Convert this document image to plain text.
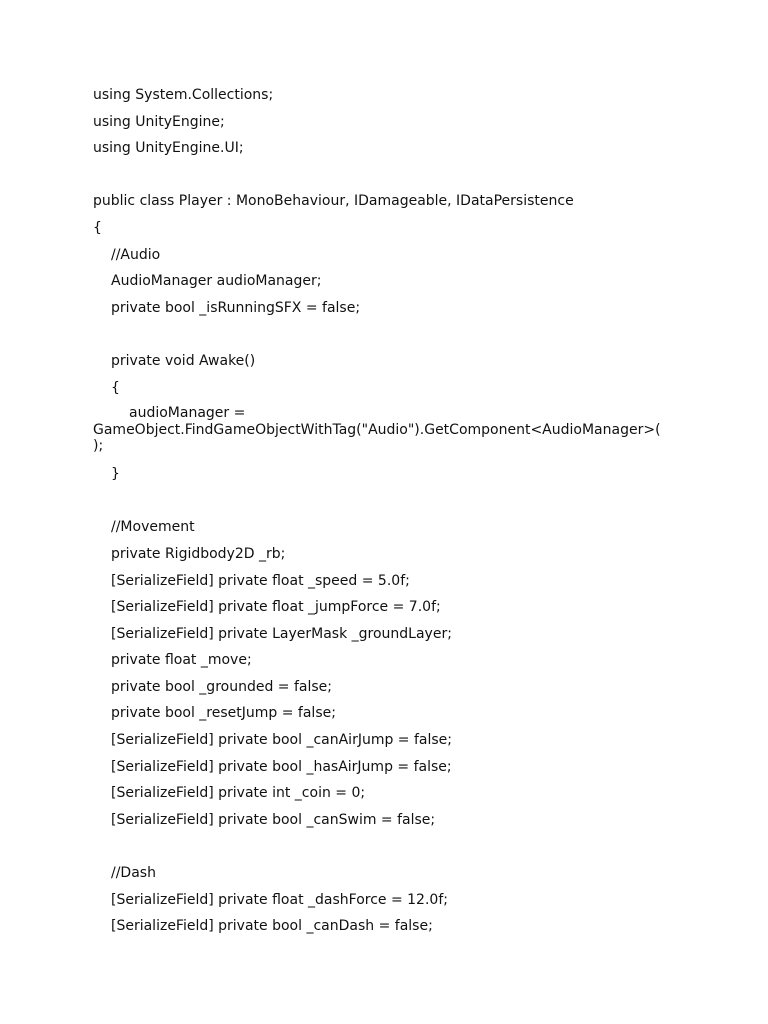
using System.Collections;
using UnityEngine;
using UnityEngine.UI;
public class Player : MonoBehaviour, IDamageable, IDataPersistence
{
//Audio
AudioManager audioManager;
private bool _isRunningSFX = false;
private void Awake()
{
audioManager =
GameObject.FindGameObjectWithTag("Audio").GetComponent<AudioManager>(
);
}
//Movement
private Rigidbody2D _rb;
[SerializeField] private float _speed = 5.0f;
[SerializeField] private float _jumpForce = 7.0f;
[SerializeField] private LayerMask _groundLayer;
private float _move;
private bool _grounded = false;
private bool _resetJump = false;
[SerializeField] private bool _canAirJump = false;
[SerializeField] private bool _hasAirJump = false;
[SerializeField] private int _coin = 0;
[SerializeField] private bool _canSwim = false;
//Dash
[SerializeField] private float _dashForce = 12.0f;
[SerializeField] private bool _canDash = false;
